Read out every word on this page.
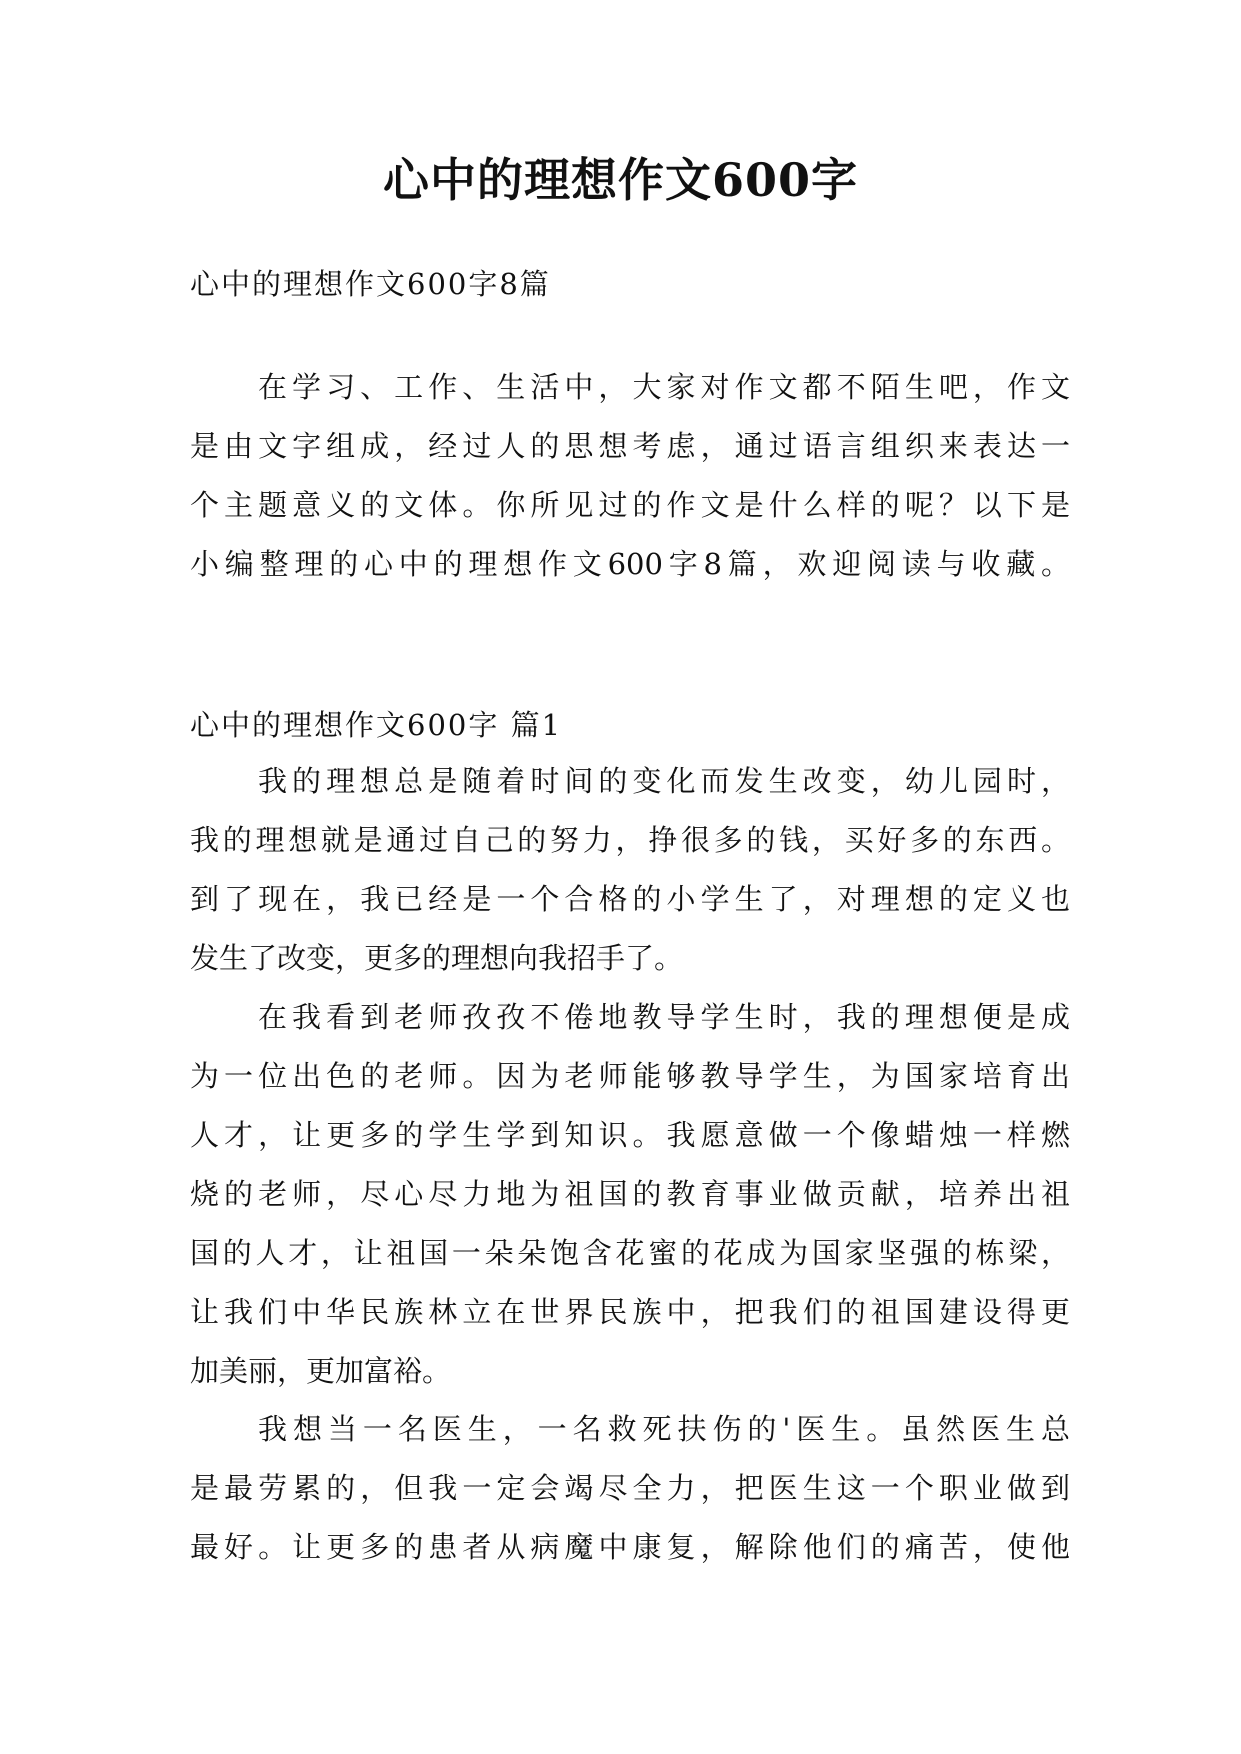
心中的理想作文600字

心中的理想作文600字8篇

在学习、工作、生活中，大家对作文都不陌生吧，作文
是由文字组成，经过人的思想考虑，通过语言组织来表达一
个主题意义的文体。你所见过的作文是什么样的呢？以下是
小编整理的心中的理想作文600字8篇，欢迎阅读与收藏。

心中的理想作文600字 篇1

我的理想总是随着时间的变化而发生改变，幼儿园时，
我的理想就是通过自己的努力，挣很多的钱，买好多的东西。
到了现在，我已经是一个合格的小学生了，对理想的定义也
发生了改变，更多的理想向我招手了。
在我看到老师孜孜不倦地教导学生时，我的理想便是成
为一位出色的老师。因为老师能够教导学生，为国家培育出
人才，让更多的学生学到知识。我愿意做一个像蜡烛一样燃
烧的老师，尽心尽力地为祖国的教育事业做贡献，培养出祖
国的人才，让祖国一朵朵饱含花蜜的花成为国家坚强的栋梁，
让我们中华民族林立在世界民族中，把我们的祖国建设得更
加美丽，更加富裕。
我想当一名医生，一名救死扶伤的'医生。虽然医生总
是最劳累的，但我一定会竭尽全力，把医生这一个职业做到
最好。让更多的患者从病魔中康复，解除他们的痛苦，使他
